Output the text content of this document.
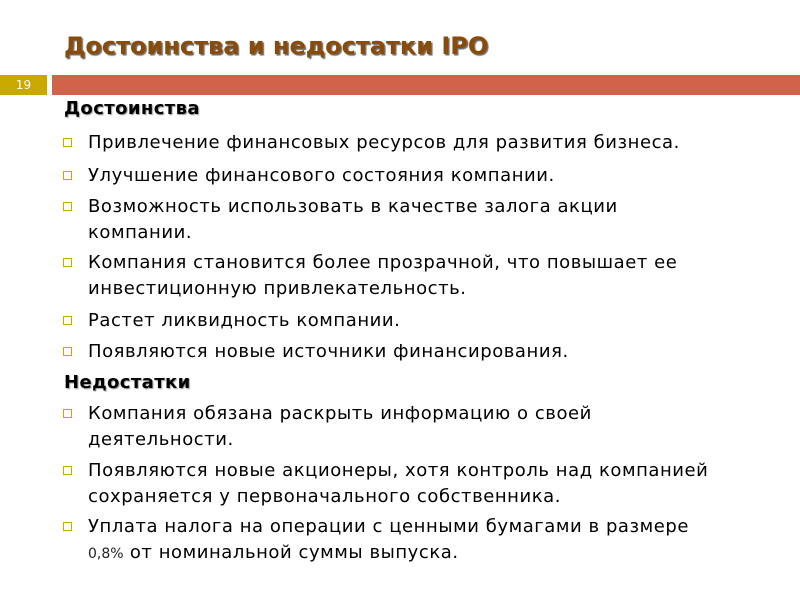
Достоинства и недостатки IPO
19
Достоинства
Привлечение финансовых ресурсов для развития бизнеса.
Улучшение финансового состояния компании.
Возможность использовать в качестве залога акции компании.
Компания становится более прозрачной, что повышает ее инвестиционную привлекательность.
Растет ликвидность компании.
Появляются новые источники финансирования.
Недостатки
Компания обязана раскрыть информацию о своей деятельности.
Появляются новые акционеры, хотя контроль над компанией сохраняется у первоначального собственника.
Уплата налога на операции с ценными бумагами в размере
0,8% от номинальной суммы выпуска.
